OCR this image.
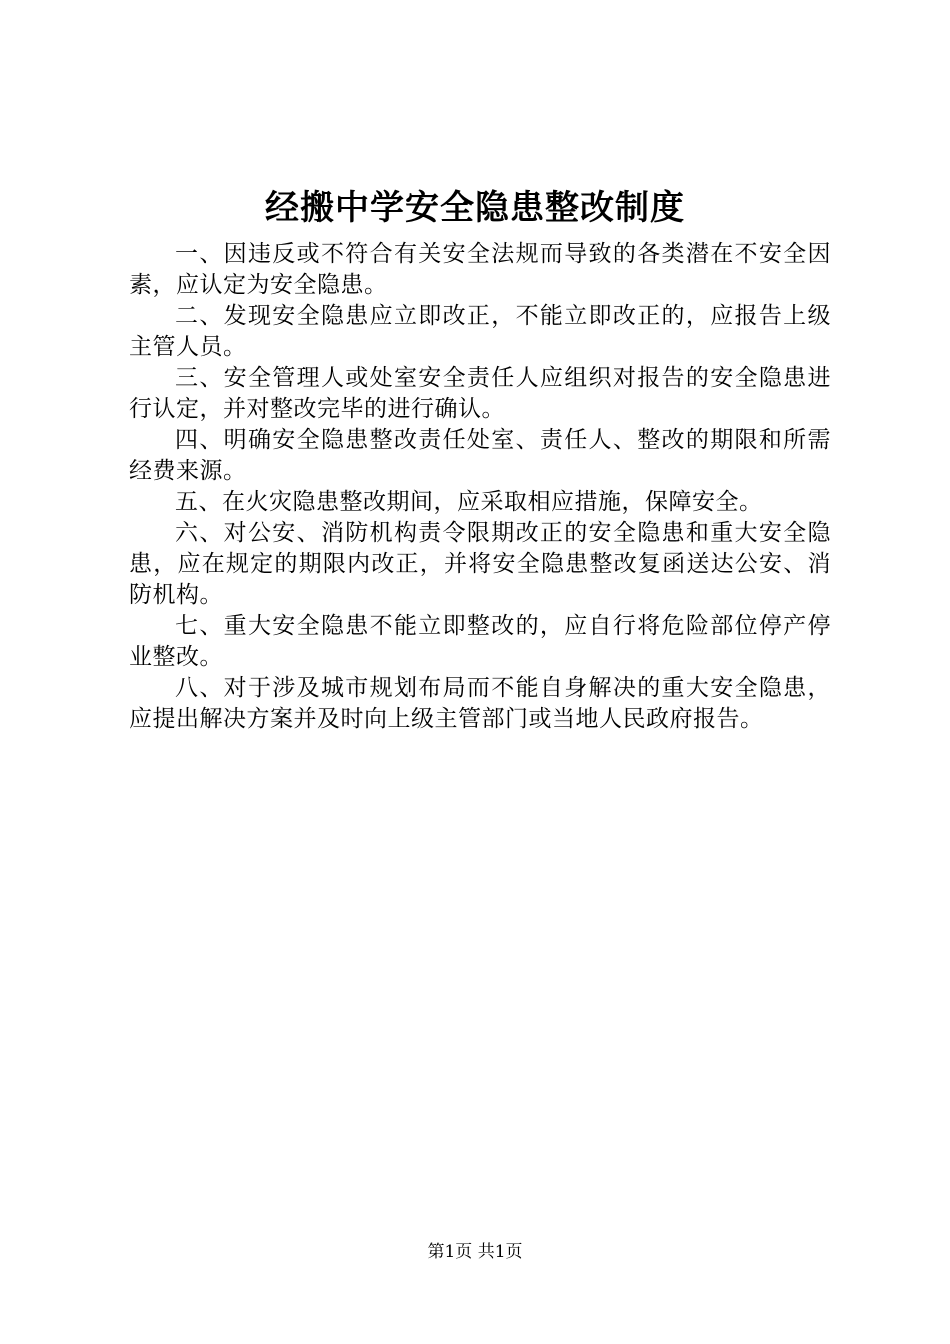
经搬中学安全隐患整改制度

一、因违反或不符合有关安全法规而导致的各类潜在不安全因素，应认定为安全隐患。

二、发现安全隐患应立即改正，不能立即改正的，应报告上级主管人员。

三、安全管理人或处室安全责任人应组织对报告的安全隐患进行认定，并对整改完毕的进行确认。

四、明确安全隐患整改责任处室、责任人、整改的期限和所需经费来源。

五、在火灾隐患整改期间，应采取相应措施，保障安全。

六、对公安、消防机构责令限期改正的安全隐患和重大安全隐患，应在规定的期限内改正，并将安全隐患整改复函送达公安、消防机构。

七、重大安全隐患不能立即整改的，应自行将危险部位停产停业整改。

八、对于涉及城市规划布局而不能自身解决的重大安全隐患，应提出解决方案并及时向上级主管部门或当地人民政府报告。

第1页 共1页
